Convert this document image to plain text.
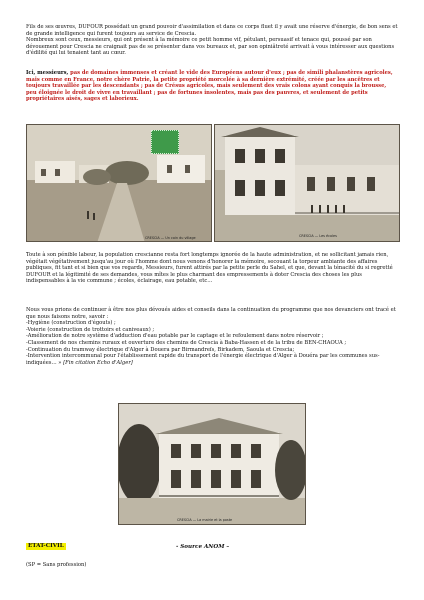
Fils de ses œuvres, DUFOUR possédait un grand pouvoir d'assimilation et dans ce corps fluet il y avait une réserve d'énergie, de bon sens et de grande intelligence qui furent toujours au service de Crescia.
Nombreux sont ceux, messieurs, qui ont présent à la mémoire ce petit homme vif, pétulant, persuasif et tenace qui, poussé par son dévouement pour Crescia ne craignait pas de se présenter dans vos bureaux et, par son opiniâtreté arrivait à vous intéresser aux questions d'édilité qui lui tenaient tant au cœur.

Ici, messieurs, pas de domaines immenses et créant le vide des Européens autour d'eux ; pas de simili phalanstères agricoles, mais comme en France, notre chère Patrie, la petite propriété morcelée à sa dernière extrémité, créée par les ancêtres et toujours travaillée par les descendants ; pas de Crésus agricoles, mais seulement des vrais colons ayant conquis la brousse, peu éloignée le droit de vivre en travaillant ; pas de fortunes insolentes, mais pas des pauvres, et seulement de petits propriétaires aisés, sages et laborieux.

CRESCIA — Un coin du village	CRESCIA — Les écoles

Toute à son pénible labeur, la population crescianne resta fort longtemps ignorée de la haute administration, et ne sollicitant jamais rien, végétait végétativement jusqu'au jour où l'homme dont nous venons d'honorer la mémoire, secouant la torpeur ambiante des affaires publiques, fit tant et si bien que vos regards, Messieurs, furent attirés par la petite perle du Sahel, et que, devant la ténacité du si regretté DUFOUR et la légitimité de ses demandes, vous mîtes le plus charmant des empressements à doter Crescia des choses les plus indispensables à la vie commune ; écoles, éclairage, eau potable, etc…

Nous vous prions de continuer à être nos plus dévoués aides et conseils dans la continuation du programme que nos devanciers ont tracé et que nous faisons notre, savoir :
-Hygiène (construction d'égouts) ;
-Voierie (construction de trottoirs et caniveaux) ;
-Amélioration de notre système d'adduction d'eau potable par le captage et le refoulement dans notre réservoir ;
-Classement de nos chemins ruraux et ouverture des chemins de Crescia à Baba-Hassen et de la tribu de BEN-CHAOUA ;
-Continuation du tramway électrique d'Alger à Douera par Birmandreïs, Birkadem, Saoula et Crescia;
-Intervention intercommunal pour l'établissement rapide du transport de l'énergie électrique d'Alger à Douéra par les communes sus-indiquées… » [Fin citation Echo d'Alger]

CRESCIA — La mairie et la poste
ETAT-CIVIL	- Source ANOM –
(SP = Sans profession)
